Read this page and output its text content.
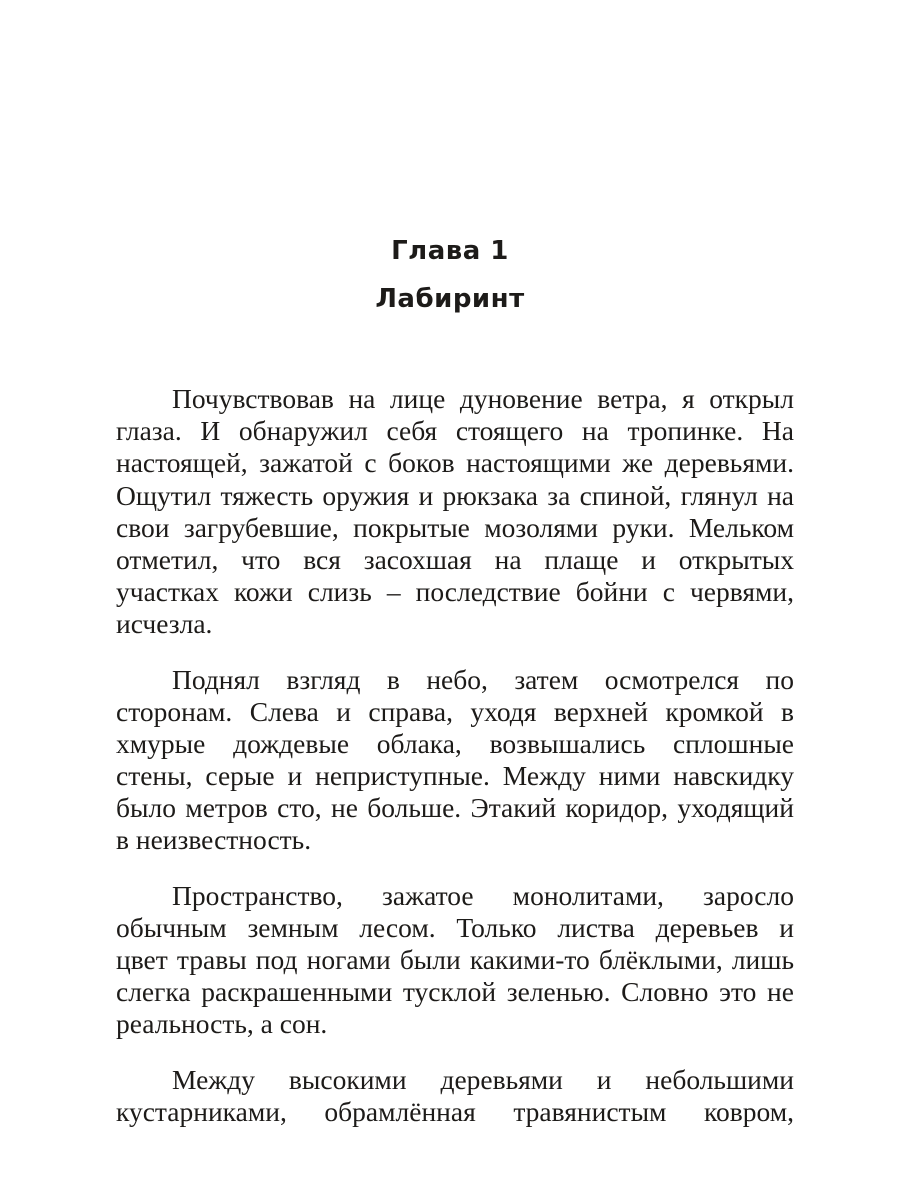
Глава 1
Лабиринт
Почувствовав на лице дуновение ветра, я открыл
глаза. И обнаружил себя стоящего на тропинке. На
настоящей, зажатой с боков настоящими же деревьями.
Ощутил тяжесть оружия и рюкзака за спиной, глянул на
свои загрубевшие, покрытые мозолями руки. Мельком
отметил, что вся засохшая на плаще и открытых
участках кожи слизь – последствие бойни с червями,
исчезла.
Поднял взгляд в небо, затем осмотрелся по
сторонам. Слева и справа, уходя верхней кромкой в
хмурые дождевые облака, возвышались сплошные
стены, серые и неприступные. Между ними навскидку
было метров сто, не больше. Этакий коридор, уходящий
в неизвестность.
Пространство, зажатое монолитами, заросло
обычным земным лесом. Только листва деревьев и
цвет травы под ногами были какими-то блёклыми, лишь
слегка раскрашенными тусклой зеленью. Словно это не
реальность, а сон.
Между высокими деревьями и небольшими
кустарниками, обрамлённая травянистым ковром,
